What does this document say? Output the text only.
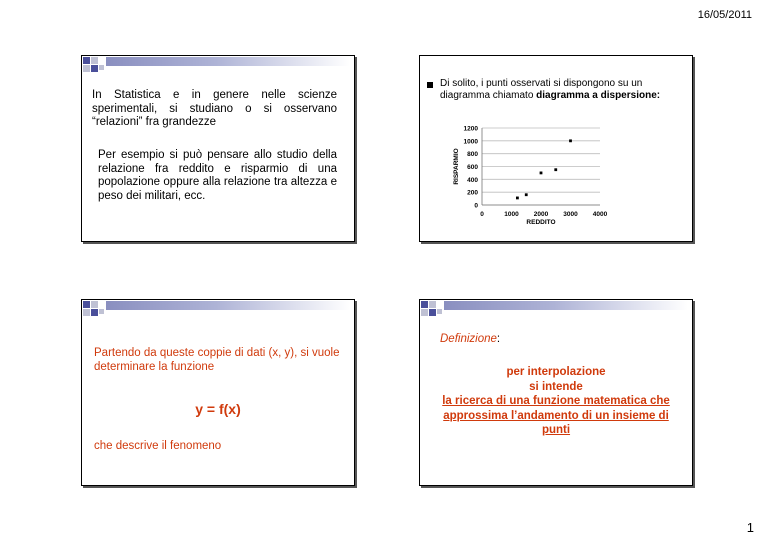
16/05/2011
In Statistica e in genere nelle scienze sperimentali, si studiano o si osservano “relazioni” fra grandezze
Per esempio si può pensare allo studio della relazione fra reddito e risparmio di una popolazione oppure alla relazione tra altezza e peso dei militari, ecc.
Di solito, i punti osservati si dispongono su un diagramma chiamato diagramma a dispersione:
0
200
400
600
800
1000
1200
0	1000 2000 3000 4000
REDDITO
RISPARMIO
Partendo da queste coppie di dati (x, y), si vuole determinare la funzione
y = f(x)
che descrive il fenomeno
Definizione:
per interpolazione
si intende
la ricerca di una funzione matematica che approssima l’andamento di un insieme di punti
1
